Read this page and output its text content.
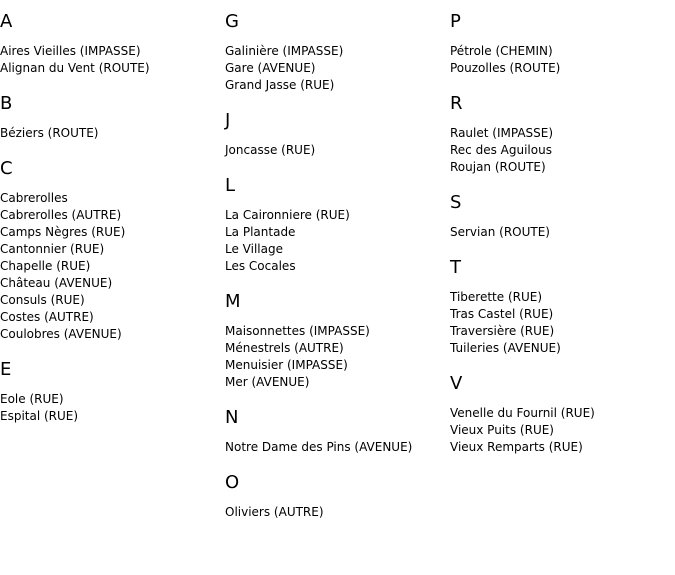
A
Aires Vieilles (IMPASSE)
Alignan du Vent (ROUTE)
B
Béziers (ROUTE)
C
Cabrerolles
Cabrerolles (AUTRE)
Camps Nègres (RUE)
Cantonnier (RUE)
Chapelle (RUE)
Château (AVENUE)
Consuls (RUE)
Costes (AUTRE)
Coulobres (AVENUE)
E
Eole (RUE)
Espital (RUE)
G
Galinière (IMPASSE)
Gare (AVENUE)
Grand Jasse (RUE)
J
Joncasse (RUE)
L
La Caironniere (RUE)
La Plantade
Le Village
Les Cocales
M
Maisonnettes (IMPASSE)
Ménestrels (AUTRE)
Menuisier (IMPASSE)
Mer (AVENUE)
N
Notre Dame des Pins (AVENUE)
O
Oliviers (AUTRE)
P
Pétrole (CHEMIN)
Pouzolles (ROUTE)
R
Raulet (IMPASSE)
Rec des Aguilous
Roujan (ROUTE)
S
Servian (ROUTE)
T
Tiberette (RUE)
Tras Castel (RUE)
Traversière (RUE)
Tuileries (AVENUE)
V
Venelle du Fournil (RUE)
Vieux Puits (RUE)
Vieux Remparts (RUE)
